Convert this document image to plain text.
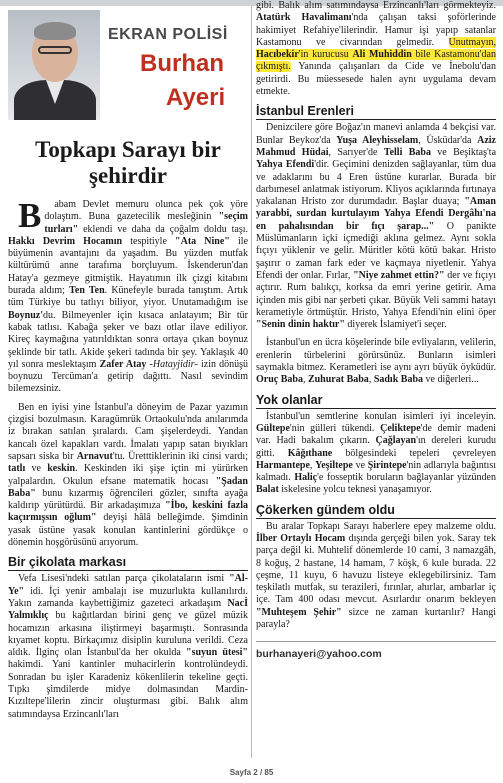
EKRAN POLİSİ
Burhan
Ayeri
Topkapı Sarayı bir şehirdir

B abam Devlet memuru olunca pek çok yöre dolaştım. Buna gazetecilik mesleğinin "seçim turları" eklendi ve daha da çoğalm doldu taşı. Hakkı Devrim Hocamın tespitiyle "Ata Nine" ile büyümenin avantajını da yaşadım. Bu yüzden mutfak kültürümü anne tarafıma borçluyum. İskenderun'dan Hatay'a gezmeye gitmiştik. Hayatımın ilk çizgi kitabını burada aldım; Ten Ten. Künefeyle burada tanıştım. Artık tüm Türkiye bu tatlıyı biliyor, yiyor. Unutamadığım ise Boynuz'du. Bilmeyenler için kısaca anlatayım; Bir tür kabak tatlısı. Kabağa şeker ve bazı otlar ilave ediliyor. Kireç kaymağına yatırıldıktan sonra ortaya çıkan boynuz şeklinde bir tatlı. Akide şekeri tadında bir şey. Yaklaşık 40 yıl sonra meslektaşım Zafer Atay -Hatayjidir- izin dönüşü boynuzu Tercüman'a getirip dağıttı. Nasıl sevindim bilemezsiniz.

Ben en iyisi yine İstanbul'a döneyim de Pazar yazımın çizgisi bozulmasın. Karagümrük Ortaokulu'nda anılarımda iz bırakan satılan şıralardı. Cam şişelerdeydi. Yandan kancalı özel kapakları vardı. İmalatı yapıp satan bıyıkları sapsarı siska bir Arnavut'tu. Üretttiklerinin iki cinsi vardı; tatlı ve keskin. Keskinden iki şişe içtin mi yürürken yalpalardın. Okulun efsane matematik hocası "Şadan Baba" bunu kızarmış öğrencileri gözler, sınıfta ayağa kaldırıp yürütürdü. Bir arkadaşımıza "İbo, keskini fazla kaçırmışsın oğlum" deyişi hâlâ belleğimde. Şimdinin yasak üstüne yasak konulan kantinlerini gördükçe o dönemin hoşgörüsünü arıyorum.

Bir çikolata markası

Vefa Lisesi'ndeki satılan parça çikolataların ismi "Al-Ye" idi. İçi yenir ambalajı ise muzurlukta kullanılırdı. Yakın zamanda kaybettiğimiz gazeteci arkadaşım Nacİ Yalmıklıç bu kağıtlardan birini genç ve güzel müzik hocamızın arkasına iliştirmeyi başarmıştı. Sonrasında kıyamet koptu. Birkaçımız disiplin kuruluna verildi. Ceza aldık. İlginç olan İstanbul'da her okulda "suyun ütesi" hakimdi. Yani kantinler muhacirlerin kontrolündeydi. Sonradan bu işler Karadeniz kökenlilerin tekeline geçti. Tıpkı şimdilerde midye dolmasından Mardin-Kızıltepe'lilerin zincir oluşturması gibi. Balık alım satımındaysa Erzincanlı'ları

gibi. Balık alım satımındaysa Erzincanlı'ları görmekteyiz. Atatürk Havalimanı'nda çalışan taksi şoförlerinde hakimiyet Refahiye'lilerindir. Hamur işi yapıp satanlar Kastamonu ve civarından gelmedir. Unutmayın, Hacıbekir'in kurucusu Ali Muhiddin bile Kastamonu'dan çıkmıştı. Yanında çalışanları da Cide ve İnebolu'dan getirirdi. Bu müessesede halen aynı uygulama devam etmekte.

İstanbul Erenleri

Denizcilere göre Boğaz'ın manevi anlamda 4 bekçisi var. Bunlar Beykoz'da Yuşa Aleyhisselam, Üsküdar'da Aziz Mahmud Hüdai, Sarıyer'de Telli Baba ve Beşiktaş'ta Yahya Efendi'dir. Geçimini denizden sağlayanlar, tüm dua ve adaklarını bu 4 Eren üstüne kurarlar. Burada bir darbımesel anlatmak istiyorum. Kliyos açıklarında fırtınaya yakalanan Hristo zor durumdadır. Başlar duaya; "Aman yarabbi, surdan kurtulayım Yahya Efendi Dergâhı'na en pahalısından bir fıçı şarap..." O panikte Müslümanların içki içmediği aklına gelmez. Aynı sokla fıçıyı yüklenir ve gelir. Müritler kötü kötü bakar. Hristo şaşırır o zaman fark eder ve kaçmaya niyetlenir. Yahya Efendi der onlar. Fırlar, "Niye zahmet ettin?" der ve fıçıyı açtırır. Rum balıkçı, korksa da emri yerine getirir. Ama içinden mis gibi nar şerbeti çıkar. Büyük Veli sammi hatayı kerametiyle örtmüştür. Hristo, Yahya Efendi'nin elini öper "Senin dinin haktır" diyerek İslamiyet'i seçer.

İstanbul'un en ücra köşelerinde bile evliyaların, velilerin, erenlerin türbelerini görürsünüz. Bunların isimleri saymakla bitmez. Kerametleri ise aynı ayrı büyük öyküdür. Oruç Baba, Zuhurat Baba, Sadık Baba ve diğerleri...

Yok olanlar

İstanbul'un semtlerine konulan isimleri iyi inceleyin. Gültepe'nin gülleri tükendi. Çeliktepe'de demir madeni var. Hadi bakalım çıkarın. Çağlayan'ın dereleri kurudu gitti. Kâğıthane bölgesindeki tepeleri çevreleyen Harmantepe, Yeşiltepe ve Şirintepe'nin adlarıyla bağıntısı kalmadı. Haliç'e fosseptik boruların bağlayanlar yüzünden Balat iskelesine yolcu teknesi yanaşamıyor.

Çökerken gündem oldu

Bu aralar Topkapı Sarayı haberlere epey malzeme oldu. İlber Ortaylı Hocam dışında gerçeği bilen yok. Saray tek parça değil ki. Muhtelif dönemlerde 10 cami, 3 namazgâh, 8 koğuş, 2 hastane, 14 hamam, 7 köşk, 6 kule burada. 22 çeşme, 11 kuyu, 6 havuzu listeye eklegebilirsiniz. Tam teşkilatlı mutfak, su terazileri, fırınlar, ahırlar, ambarlar iç içe. Tam 400 odası mevcut. Asırlardır onarım bekleyen "Muhteşem Şehir" sizce ne zaman kurtarılır? Hangi parayla?

burhanayeri@yahoo.com
Sayfa 2 / 85
